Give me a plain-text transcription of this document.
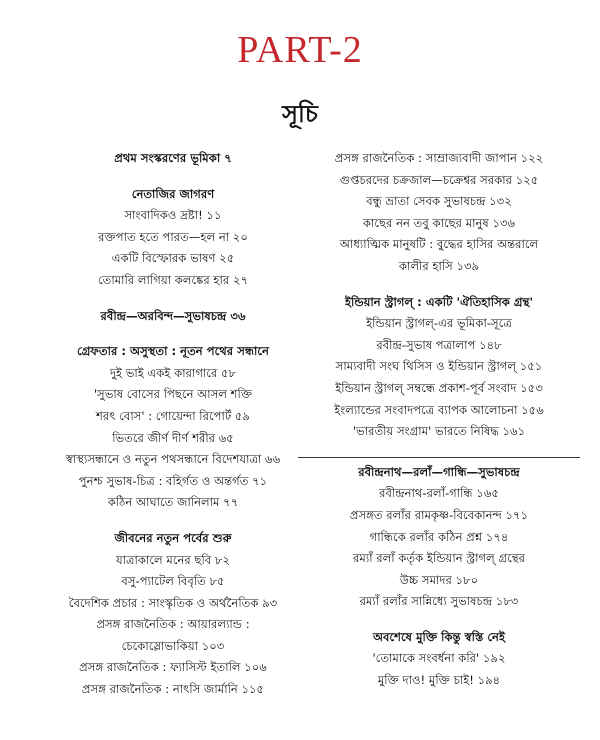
PART-2
সূচি
প্রথম সংস্করণের ভূমিকা ৭
নেতাজির জাগরণ
সাংবাদিকও দ্রষ্টা! ১১
রক্তপাত হতে পারত—হল না ২০
একটি বিস্ফোরক ভাষণ ২৫
তোমারি লাগিয়া কলঙ্কের হার ২৭
রবীন্দ্র—অরবিন্দ—সুভাষচন্দ্র ৩৬
গ্রেফতার : অসুস্থতা : নূতন পথের সন্ধানে
দুই ভাই একই কারাগারে ৫৮
'সুভাষ বোসের পিছনে আসল শক্তি
শরৎ বোস' : গোয়েন্দা রিপোর্ট ৫৯
ভিতরে জীর্ণ দীর্ণ শরীর ৬৫
স্বাস্থ্যসন্ধানে ও নতুন পথসন্ধানে বিদেশযাত্রা ৬৬
পুনশ্চ সুভাষ-চিত্র : বহির্গত ও অন্তর্গত ৭১
কঠিন আঘাতে জানিলাম ৭৭
জীবনের নতুন পর্বের শুরু
যাত্রাকালে মনের ছবি ৮২
বসু-প্যাটেল বিবৃতি ৮৫
বৈদেশিক প্রচার : সাংস্কৃতিক ও অর্থনৈতিক ৯৩
প্রসঙ্গ রাজনৈতিক : আয়ারল্যান্ড :
চেকোস্লোভাকিয়া ১০৩
প্রসঙ্গ রাজনৈতিক : ফ্যাসিস্ট ইতালি ১০৬
প্রসঙ্গ রাজনৈতিক : নাৎসি জার্মানি ১১৫
প্রসঙ্গ রাজনৈতিক : সাম্রাজ্যবাদী জাপান ১২২
গুপ্তচরদের চক্রজাল—চক্রেশ্বর সরকার ১২৫
বন্ধু ভ্রাতা সেবক সুভাষচন্দ্র ১৩২
কাছের নন তবু কাছের মানুষ ১৩৬
আধ্যাত্মিক মানুষটি : বুদ্ধের হাসির অন্তরালে
কালীর হাসি ১৩৯
ইন্ডিয়ান স্ট্রাগল্‌ : একটি 'ঐতিহাসিক গ্রন্থ'
ইন্ডিয়ান স্ট্রাগল্‌-এর ভূমিকা-সূত্রে
রবীন্দ্র-সুভাষ পত্রালাপ ১৪৮
সাম্যবাদী সংঘ থিসিস ও ইন্ডিয়ান স্ট্রাগল্‌ ১৫১
ইন্ডিয়ান স্ট্রাগল্‌ সম্বন্ধে প্রকাশ-পূর্ব সংবাদ ১৫৩
ইংল্যান্ডের সংবাদপত্রে ব্যাপক আলোচনা ১৫৬
'ভারতীয় সংগ্রাম' ভারতে নিষিদ্ধ ১৬১
রবীন্দ্রনাথ—রলাঁ—গান্ধি—সুভাষচন্দ্র
রবীন্দ্রনাথ-রলাঁ-গান্ধি ১৬৫
প্রসঙ্গত রলাঁর রামকৃষ্ণ-বিবেকানন্দ ১৭১
গান্ধিকে রলাঁর কঠিন প্রশ্ন ১৭৪
রম্যাঁ রলাঁ কর্তৃক ইন্ডিয়ান স্ট্রাগল্‌ গ্রন্থের
উচ্চ সমাদর ১৮০
রম্যাঁ রলাঁর সান্নিধ্যে সুভাষচন্দ্র ১৮৩
অবশেষে মুক্তি কিন্তু স্বস্তি নেই
'তোমাকে সংবর্ধনা করি' ১৯২
মুক্তি দাও! মুক্তি চাই! ১৯৪
